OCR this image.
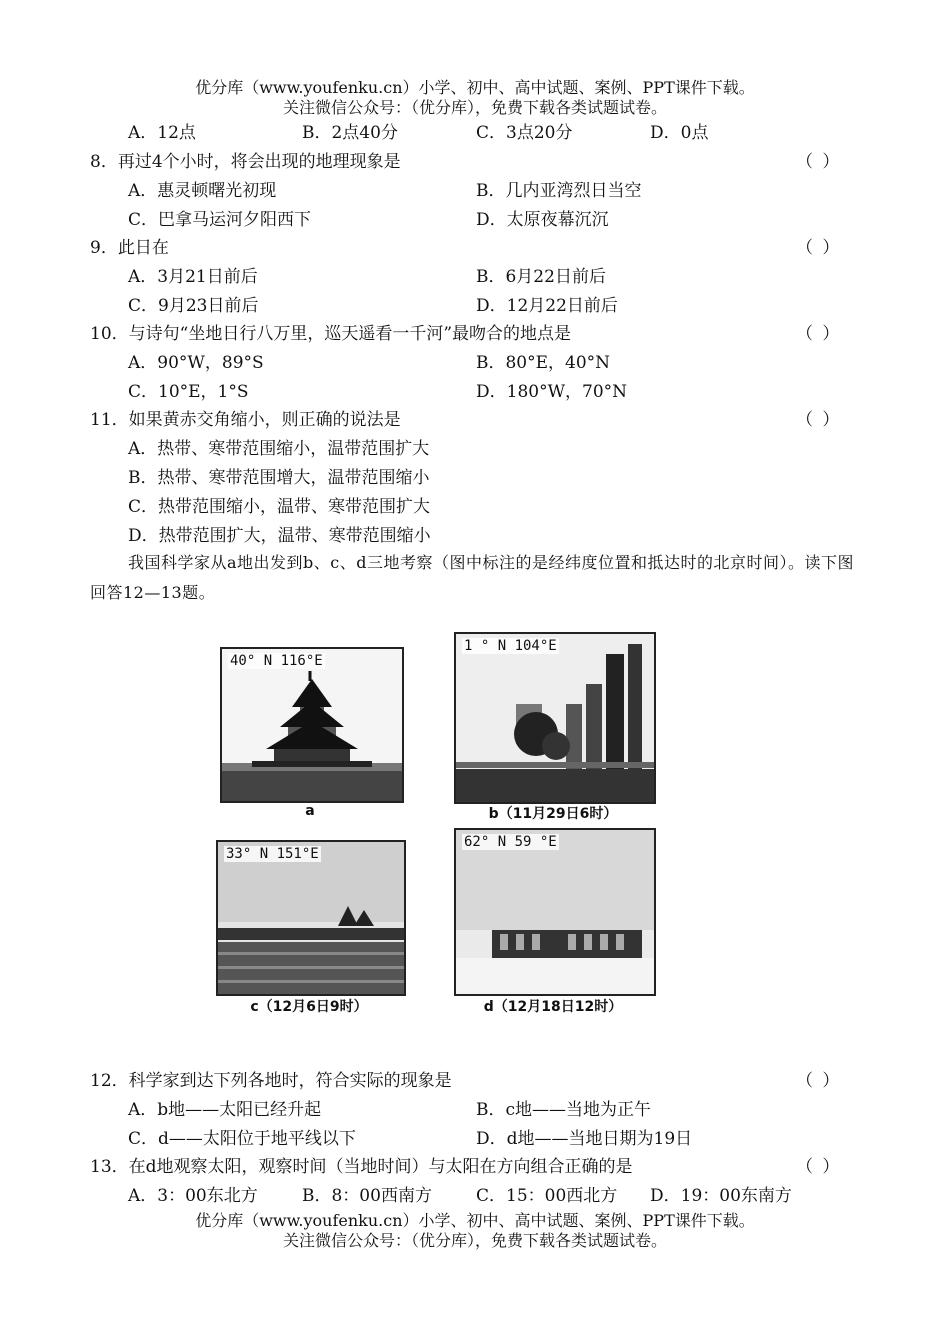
优分库（www.youfenku.cn）小学、初中、高中试题、案例、PPT课件下载。
关注微信公众号：（优分库），免费下载各类试题试卷。
A．12点	B．2点40分	C．3点20分	D．0点
8．再过4个小时，将会出现的地理现象是	（ ）
A．惠灵顿曙光初现	B．几内亚湾烈日当空
C．巴拿马运河夕阳西下	D．太原夜幕沉沉
9．此日在	（ ）
A．3月21日前后	B．6月22日前后
C．9月23日前后	D．12月22日前后
10．与诗句“坐地日行八万里，巡天遥看一千河”最吻合的地点是	（ ）
A．90°W，89°S	B．80°E，40°N
C．10°E，1°S	D．180°W，70°N
11．如果黄赤交角缩小，则正确的说法是	（ ）
A．热带、寒带范围缩小，温带范围扩大
B．热带、寒带范围增大，温带范围缩小
C．热带范围缩小，温带、寒带范围扩大
D．热带范围扩大，温带、寒带范围缩小
我国科学家从a地出发到b、c、d三地考察（图中标注的是经纬度位置和抵达时的北京时间）。读下图回答12—13题。
40° N 116°E
a
1 ° N 104°E
b（11月29日6时）
33° N 151°E
c（12月6日9时）
62° N 59 °E
d（12月18日12时）
12．科学家到达下列各地时，符合实际的现象是	（ ）
A．b地——太阳已经升起	B．c地——当地为正午
C．d——太阳位于地平线以下	D．d地——当地日期为19日
13．在d地观察太阳，观察时间（当地时间）与太阳在方向组合正确的是	（ ）
A．3：00东北方	B．8：00西南方	C．15：00西北方 D．19：00东南方
优分库（www.youfenku.cn）小学、初中、高中试题、案例、PPT课件下载。
关注微信公众号：（优分库），免费下载各类试题试卷。
